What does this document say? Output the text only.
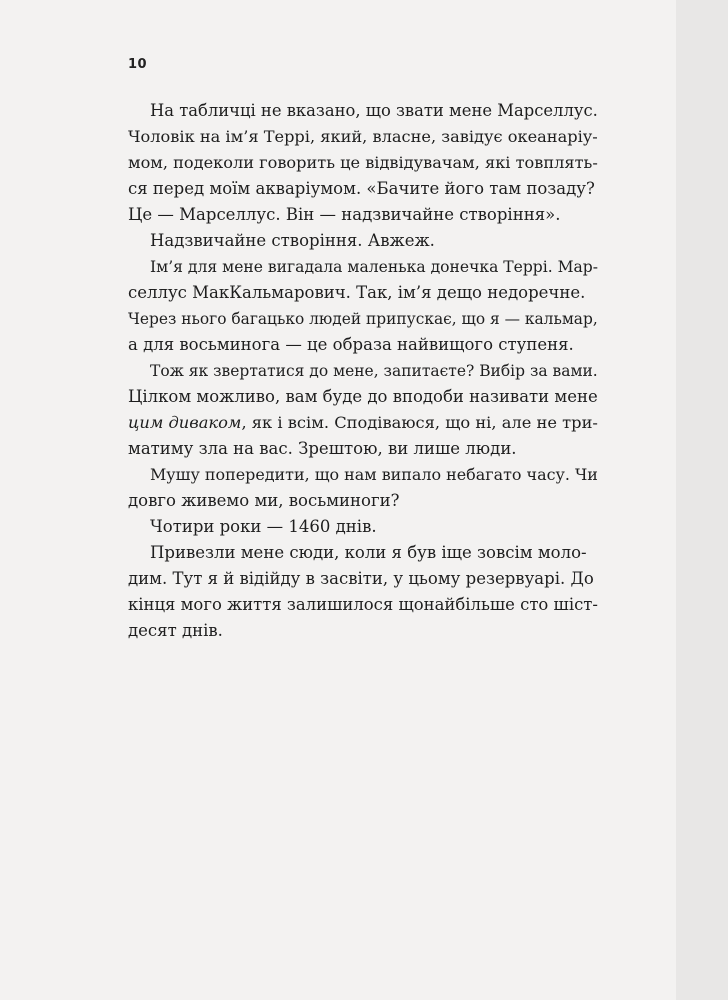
10
На табличці не вказано, що звати мене Марселлус.
Чоловік на ім’я Террі, який, власне, завідує океанаріу-
мом, подеколи говорить це відвідувачам, які товплять-
ся перед моїм акваріумом. «Бачите його там позаду?
Це — Марселлус. Він — надзвичайне створіння».
Надзвичайне створіння. Авжеж.
Ім’я для мене вигадала маленька донечка Террі. Мар-
селлус МакКальмарович. Так, ім’я дещо недоречне.
Через нього багацько людей припускає, що я — кальмар,
а для восьминога — це образа найвищого ступеня.
Тож як звертатися до мене, запитаєте? Вибір за вами.
Цілком можливо, вам буде до вподоби називати мене
цим диваком, як і всім. Сподіваюся, що ні, але не три-
матиму зла на вас. Зрештою, ви лише люди.
Мушу попередити, що нам випало небагато часу. Чи
довго живемо ми, восьминоги?
Чотири роки — 1460 днів.
Привезли мене сюди, коли я був іще зовсім моло-
дим. Тут я й відійду в засвіти, у цьому резервуарі. До
кінця мого життя залишилося щонайбільше сто шіст-
десят днів.
